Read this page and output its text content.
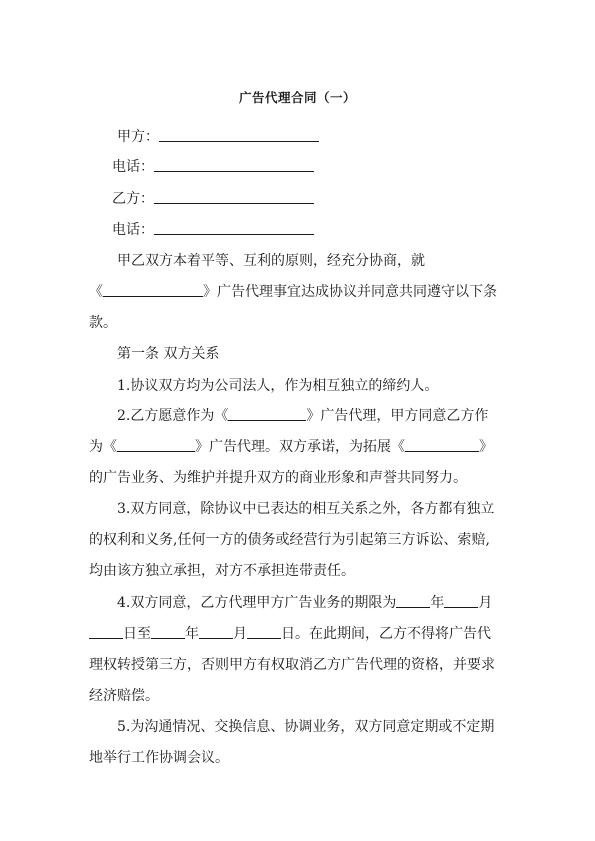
广告代理合同（一）
甲方：
电话：
乙方：
电话：
甲乙双方本着平等、互利的原则，经充分协商，就
《	》广告代理事宜达成协议并同意共同遵守以下条
款。
第一条 双方关系
1.协议双方均为公司法人，作为相互独立的缔约人。
2.乙方愿意作为《	》广告代理，甲方同意乙方作
为《	》广告代理。双方承诺，为拓展《	》
的广告业务、为维护并提升双方的商业形象和声誉共同努力。
3.双方同意，除协议中已表达的相互关系之外，各方都有独立
的权利和义务,任何一方的债务或经营行为引起第三方诉讼、索赔,
均由该方独立承担，对方不承担连带责任。
4.双方同意，乙方代理甲方广告业务的期限为 年 月
日至 年 月 日。在此期间，乙方不得将广告代
理权转授第三方，否则甲方有权取消乙方广告代理的资格，并要求
经济赔偿。
5.为沟通情况、交换信息、协调业务，双方同意定期或不定期
地举行工作协调会议。
